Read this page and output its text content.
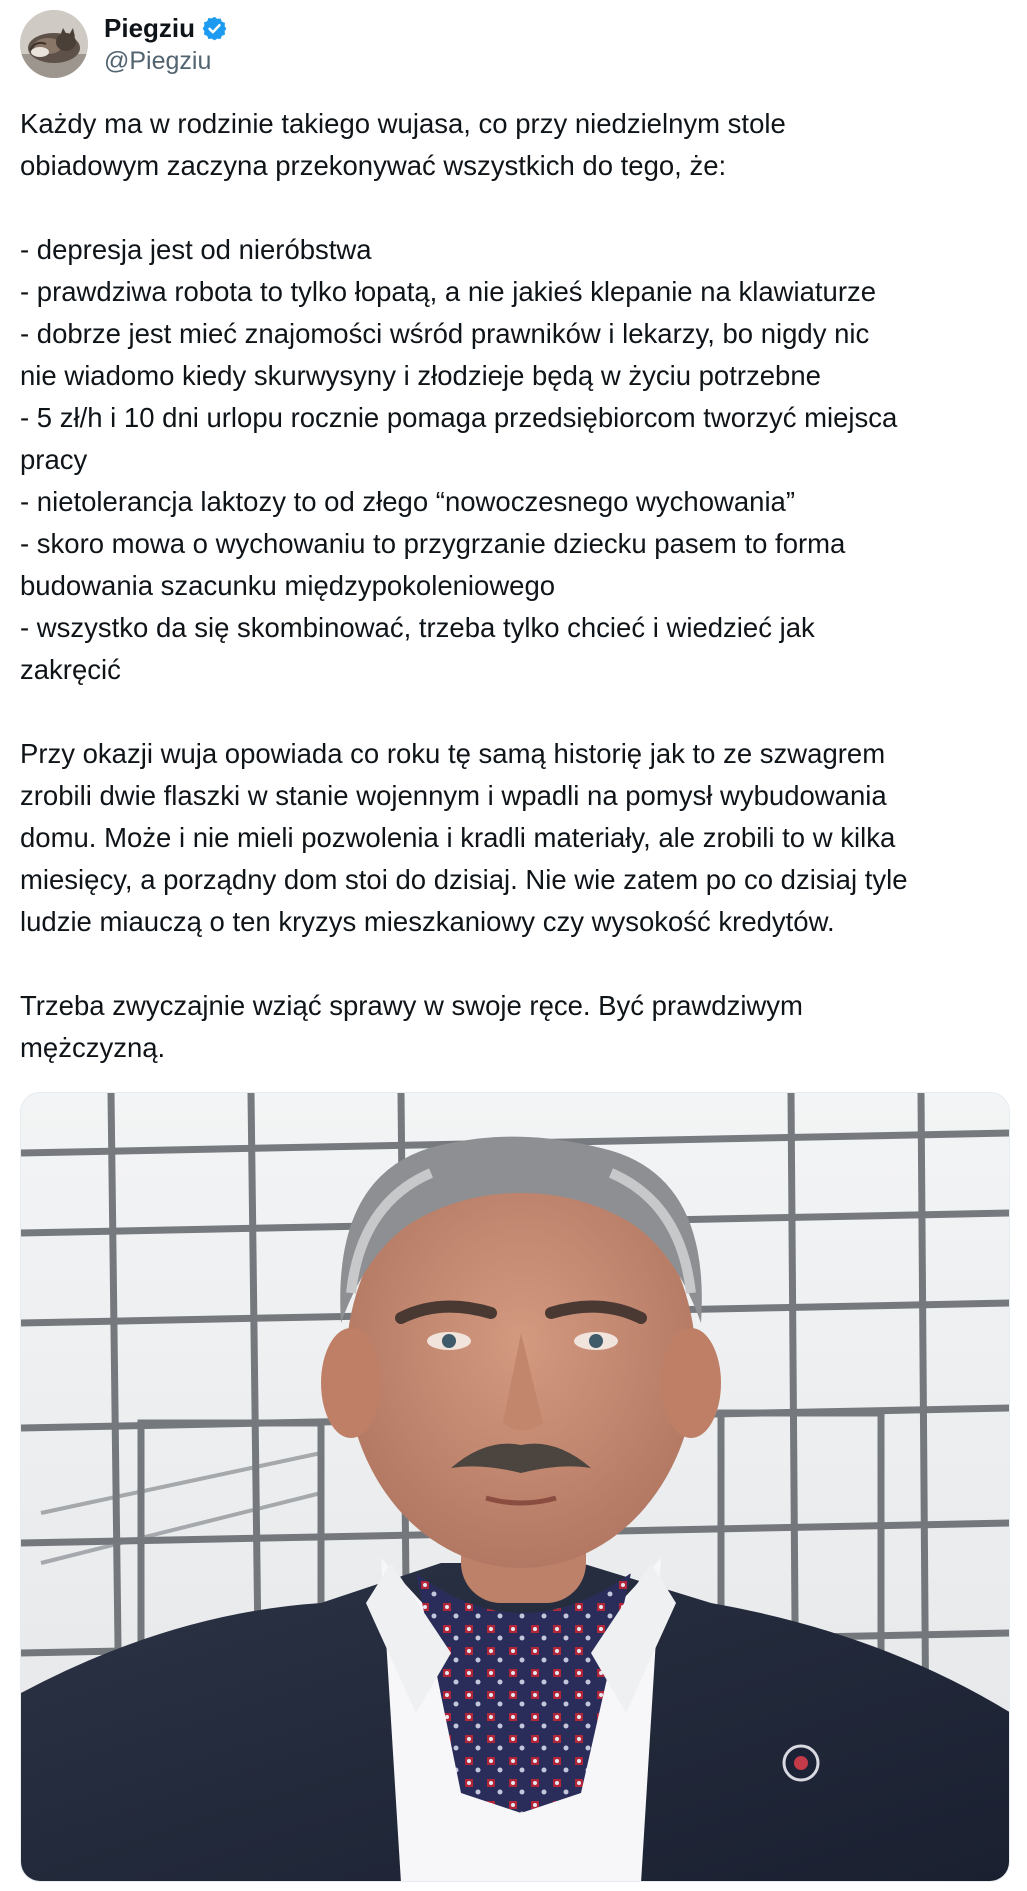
Piegziu
@Piegziu
Każdy ma w rodzinie takiego wujasa, co przy niedzielnym stole
obiadowym zaczyna przekonywać wszystkich do tego, że:
- depresja jest od nieróbstwa
- prawdziwa robota to tylko łopatą, a nie jakieś klepanie na klawiaturze
- dobrze jest mieć znajomości wśród prawników i lekarzy, bo nigdy nic
nie wiadomo kiedy skurwysyny i złodzieje będą w życiu potrzebne
- 5 zł/h i 10 dni urlopu rocznie pomaga przedsiębiorcom tworzyć miejsca
pracy
- nietolerancja laktozy to od złego “nowoczesnego wychowania”
- skoro mowa o wychowaniu to przygrzanie dziecku pasem to forma
budowania szacunku międzypokoleniowego
- wszystko da się skombinować, trzeba tylko chcieć i wiedzieć jak
zakręcić
Przy okazji wuja opowiada co roku tę samą historię jak to ze szwagrem
zrobili dwie flaszki w stanie wojennym i wpadli na pomysł wybudowania
domu. Może i nie mieli pozwolenia i kradli materiały, ale zrobili to w kilka
miesięcy, a porządny dom stoi do dzisiaj. Nie wie zatem po co dzisiaj tyle
ludzie miauczą o ten kryzys mieszkaniowy czy wysokość kredytów.
Trzeba zwyczajnie wziąć sprawy w swoje ręce. Być prawdziwym
mężczyzną.
